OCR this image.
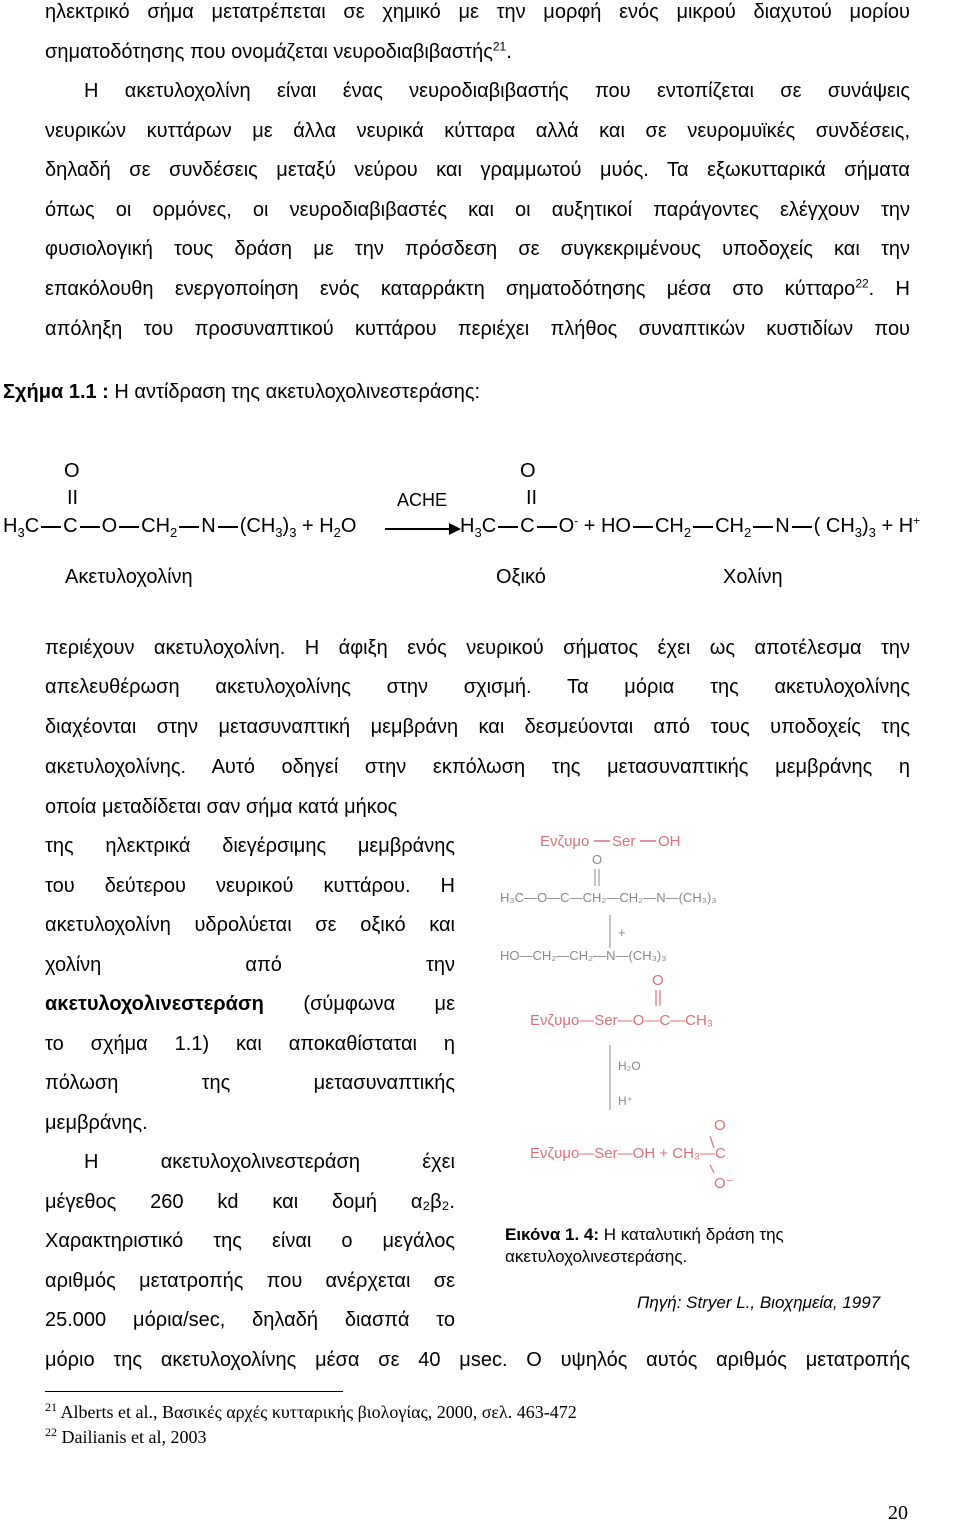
ηλεκτρικό σήμα μετατρέπεται σε χημικό με την μορφή ενός μικρού διαχυτού μορίου
σηματοδότησης που ονομάζεται νευροδιαβιβαστής$^{21}$.
Η ακετυλοχολίνη είναι ένας νευροδιαβιβαστής που εντοπίζεται σε συνάψεις
νευρικών κυττάρων με άλλα νευρικά κύτταρα αλλά και σε νευρομυϊκές συνδέσεις,
δηλαδή σε συνδέσεις μεταξύ νεύρου και γραμμωτού μυός. Τα εξωκυτταρικά σήματα
όπως οι ορμόνες, οι νευροδιαβιβαστές και οι αυξητικοί παράγοντες ελέγχουν την
φυσιολογική τους δράση με την πρόσδεση σε συγκεκριμένους υποδοχείς και την
επακόλουθη ενεργοποίηση ενός καταρράκτη σηματοδότησης μέσα στο κύτταρο$^{22}$. Η
απόληξη του προσυναπτικού κυττάρου περιέχει πλήθος συναπτικών κυστιδίων που
Σχήμα 1.1 : Η αντίδραση της ακετυλοχολινεστεράσης:
O
II
O
II
ACHE
$H_3C$ C O $CH_2$ N $(CH_3)_3 + H_2O$ →
$H_3C$ C O- + HO $CH_2$ $CH_2$ N ( $CH_3)_3 + H^+$
Ακετυλοχολίνη	Οξικό	Χολίνη
περιέχουν ακετυλοχολίνη. Η άφιξη ενός νευρικού σήματος έχει ως αποτέλεσμα την
απελευθέρωση ακετυλοχολίνης στην σχισμή. Τα μόρια της ακετυλοχολίνης
διαχέονται στην μετασυναπτική μεμβράνη και δεσμεύονται από τους υποδοχείς της
ακετυλοχολίνης. Αυτό οδηγεί στην εκπόλωση της μετασυναπτικής μεμβράνης η
οποία μεταδίδεται σαν σήμα κατά μήκος
της ηλεκτρικά διεγέρσιμης μεμβράνης
του δεύτερου νευρικού κυττάρου. Η
ακετυλοχολίνη υδρολύεται σε οξικό και
χολίνη από την
ακετυλοχολινεστεράση (σύμφωνα με
το σχήμα 1.1) και αποκαθίσταται η
πόλωση της μετασυναπτικής
μεμβράνης.
Η ακετυλοχολινεστεράση έχει
μέγεθος 260 kd και δομή α₂β₂.
Χαρακτηριστικό της είναι ο μεγάλος
αριθμός μετατροπής που ανέρχεται σε
25.000 μόρια/sec, δηλαδή διασπά το
μόριο της ακετυλοχολίνης μέσα σε 40 μsec. Ο υψηλός αυτός αριθμός μετατροπής
Ενζυμο Ser OH
O
H₃C—O—C—CH₂—CH₂—N—(CH₃)₃
+
HO—CH₂—CH₂—N—(CH₃)₃
O
Ενζυμο—Ser—O—C—CH₃
H₂O
H⁺
Ενζυμο—Ser—OH + CH₃—C
O
O⁻
Εικόνα 1. 4: Η καταλυτική δράση της
ακετυλοχολινεστεράσης.
Πηγή: Stryer L., Βιοχημεία, 1997
$^{21}$ Alberts et al., Βασικές αρχές κυτταρικής βιολογίας, 2000, σελ. 463-472
$^{22}$ Dailianis et al, 2003
20
